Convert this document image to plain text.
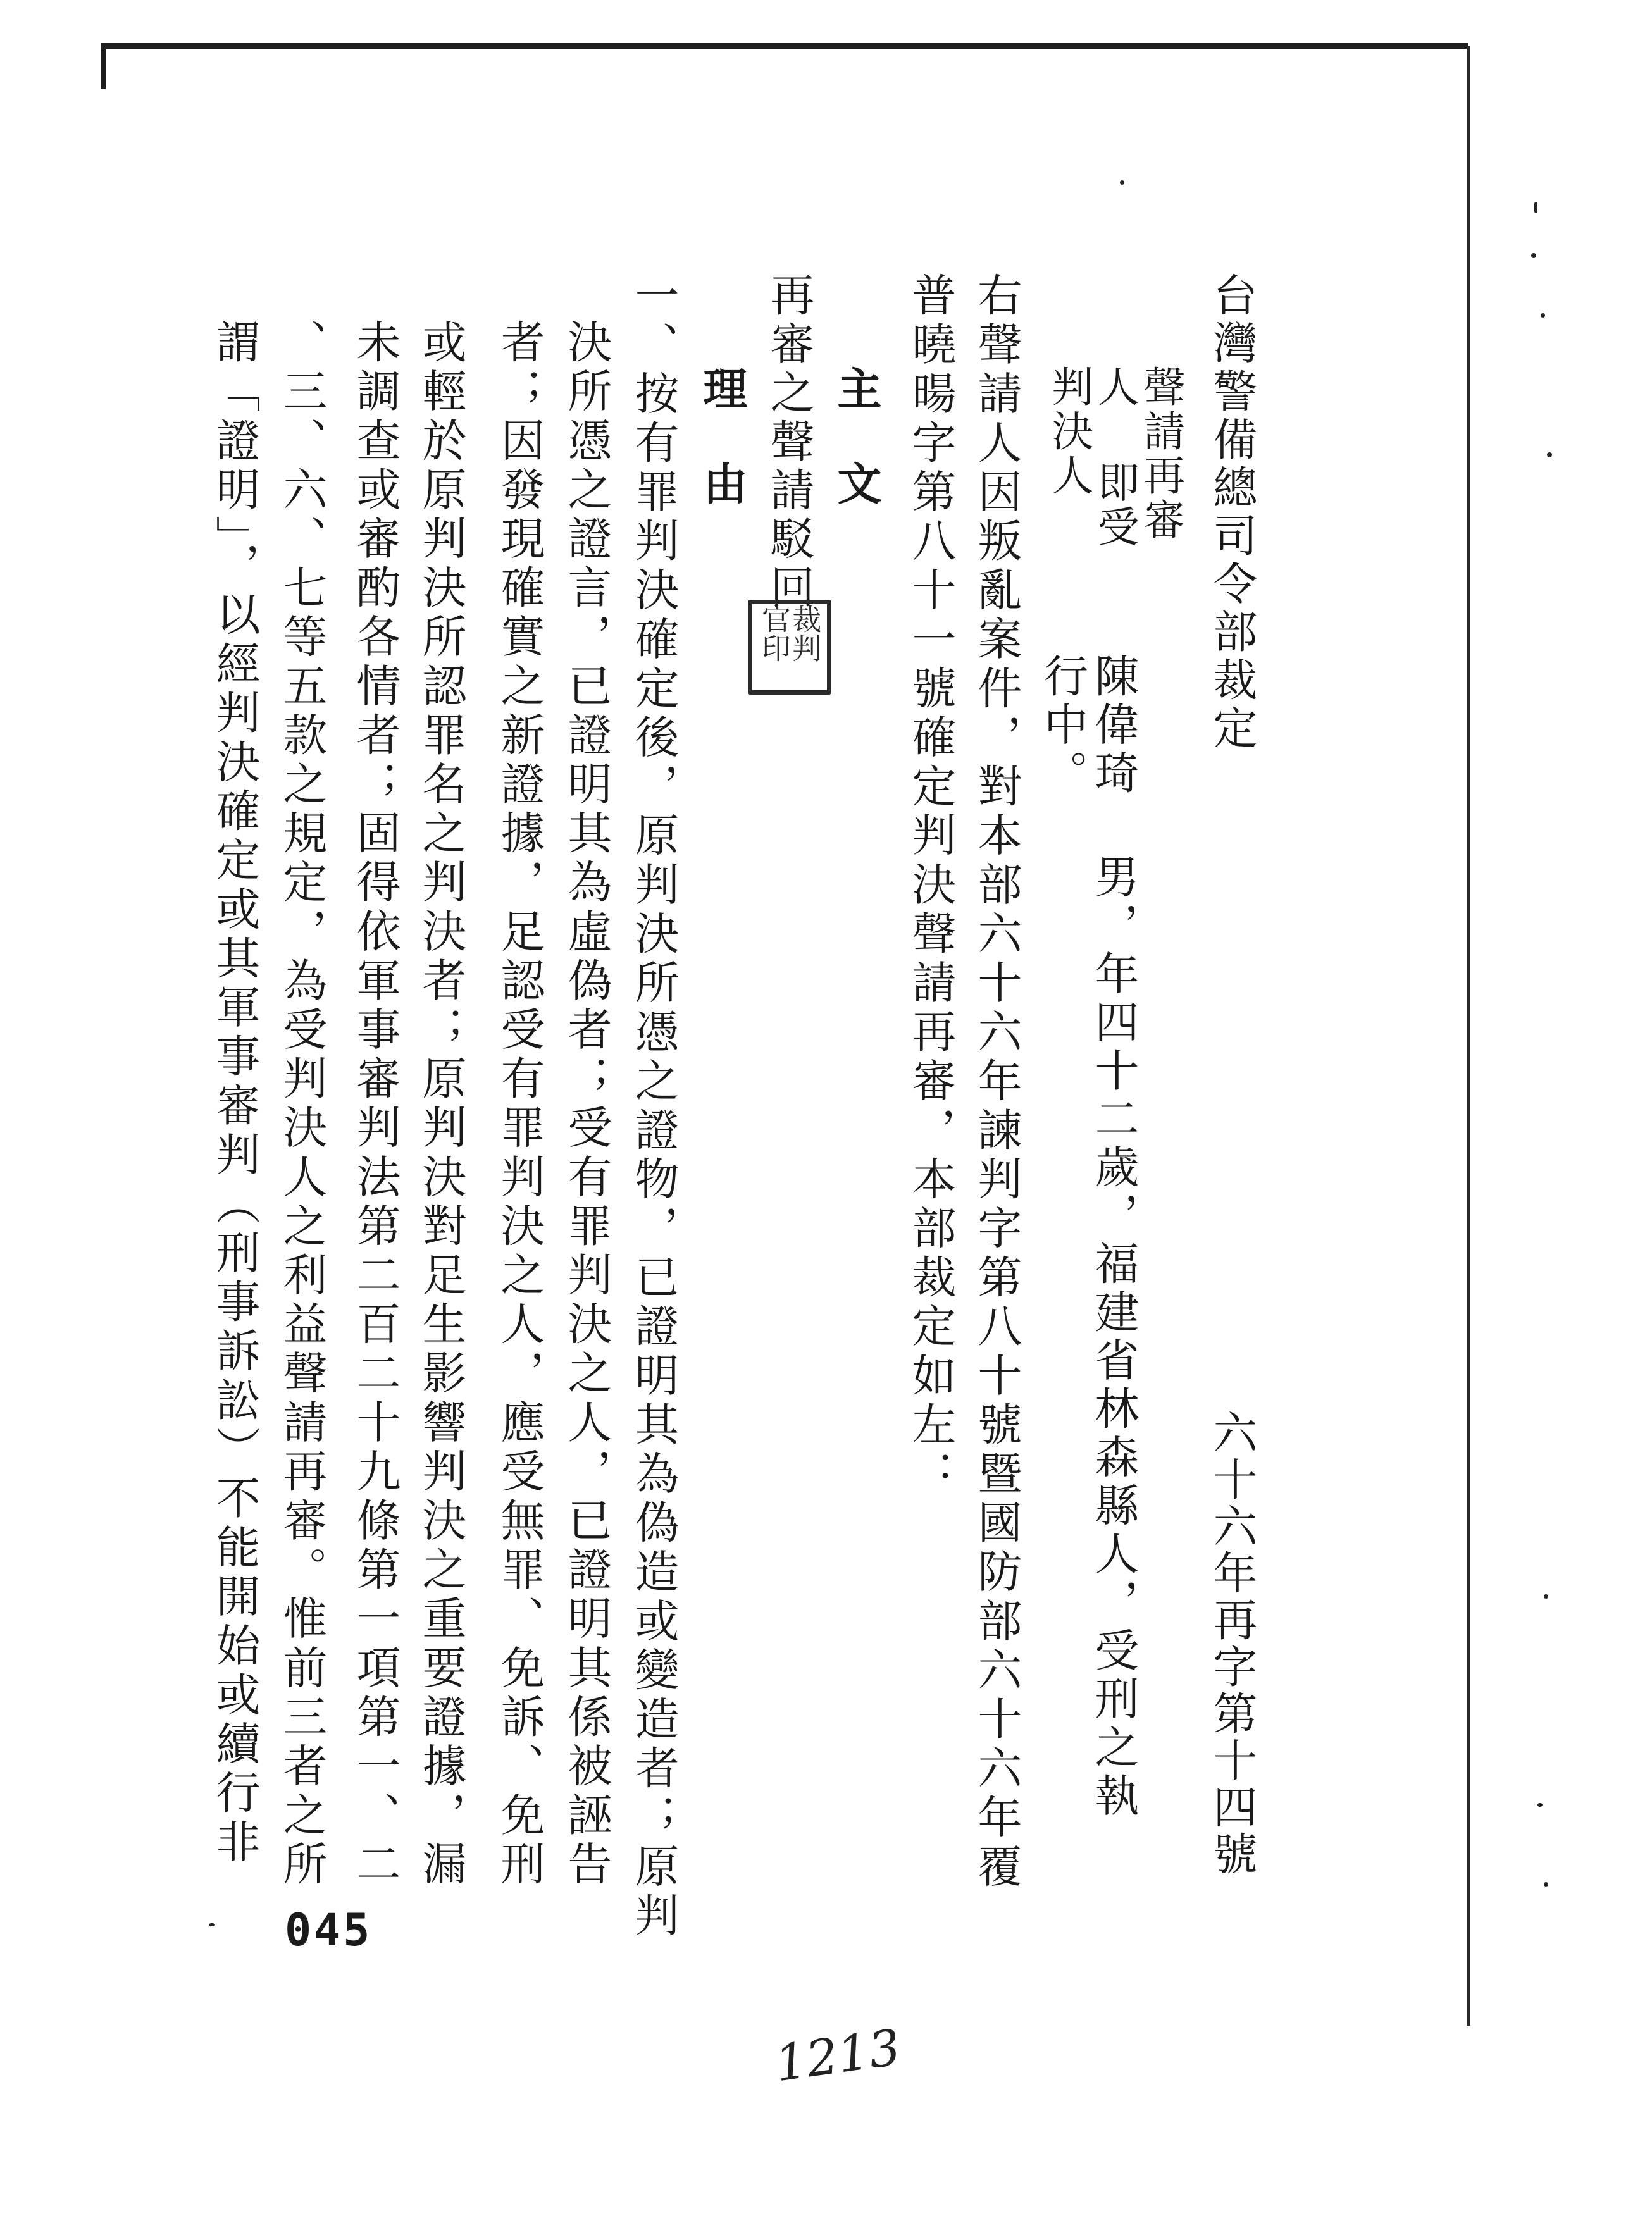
台灣警備總司令部裁定
六十六年再字第十四號
聲請再審人 即受判決人
陳偉琦 男，年四十二歲，福建省林森縣人，受刑之執行中。
右聲請人因叛亂案件，對本部六十六年諫判字第八十號暨國防部六十六年覆
普曉暘字第八十一號確定判決聲請再審，本部裁定如左：
主文
再審之聲請駁回
理由
一、按有罪判決確定後，原判決所憑之證物，已證明其為偽造或變造者；原判
決所憑之證言，已證明其為虛偽者；受有罪判決之人，已證明其係被誣告
者；因發現確實之新證據，足認受有罪判決之人，應受無罪、免訴、免刑
或輕於原判決所認罪名之判決者；原判決對足生影響判決之重要證據，漏
未調查或審酌各情者；固得依軍事審判法第二百二十九條第一項第一、二
、三、六、七等五款之規定，為受判決人之利益聲請再審。惟前三者之所
謂「證明」，以經判決確定或其軍事審判（刑事訴訟）不能開始或續行非	裁判官印
045
1213
